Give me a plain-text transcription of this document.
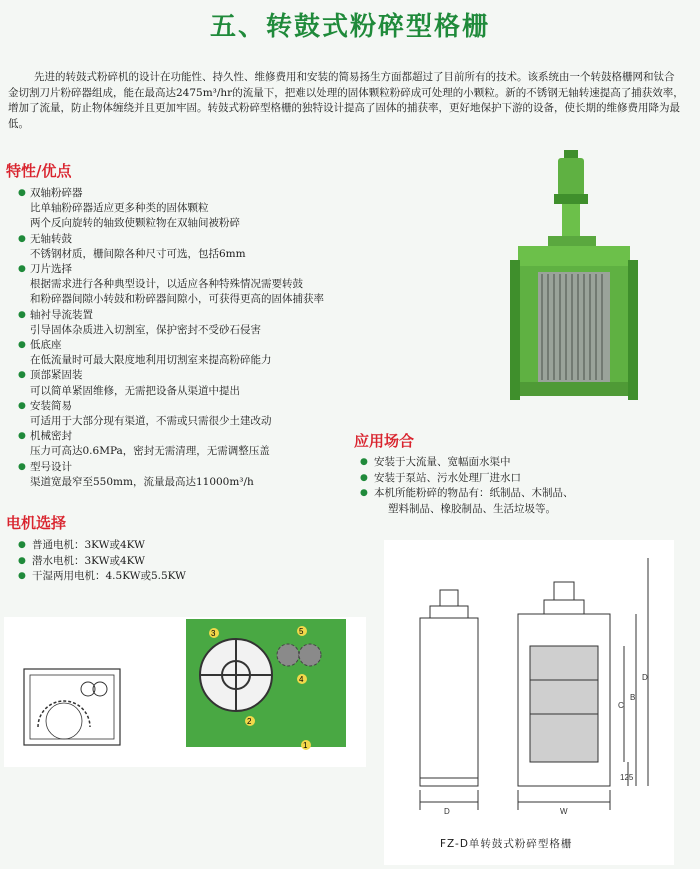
五、转鼓式粉碎型格栅
先进的转鼓式粉碎机的设计在功能性、持久性、维修费用和安装的简易扬生方面都超过了目前所有的技术。该系统由一个转鼓格栅网和钛合金切割刀片粉碎器组成，能在最高达2475m³/hr的流量下，把难以处理的固体颗粒粉碎成可处理的小颗粒。新的不锈钢无轴转速提高了捕获效率，增加了流量，防止物体缠绕并且更加牢固。转鼓式粉碎型格栅的独特设计提高了固体的捕获率，更好地保护下游的设备，使长期的维修费用降为最低。
特性/优点
● 双轴粉碎器
比单轴粉碎器适应更多种类的固体颗粒
两个反向旋转的轴致使颗粒物在双轴间被粉碎
● 无轴转鼓
不锈钢材质，栅间隙各种尺寸可选，包括6mm
● 刀片选择
根据需求进行各种典型设计，以适应各种特殊情况需要转鼓
和粉碎器间隙小转鼓和粉碎器间隙小，可获得更高的固体捕获率
● 轴衬导流装置
引导固体杂质进入切割室，保护密封不受砂石侵害
● 低底座
在低流量时可最大限度地利用切割室来提高粉碎能力
● 顶部紧固装
可以简单紧固维修，无需把设备从渠道中提出
● 安装简易
可适用于大部分现有渠道，不需或只需很少土建改动
● 机械密封
压力可高达0.6MPa，密封无需清理，无需调整压盖
● 型号设计
渠道宽最窄至550mm，流量最高达11000m³/h
电机选择
● 普通电机：3KW或4KW
● 潜水电机：3KW或4KW
● 干湿两用电机：4.5KW或5.5KW
应用场合
● 安装于大流量、宽幅面水渠中
● 安装于泵站、污水处理厂进水口
● 本机所能粉碎的物品有：纸制品、木制品、
塑料制品、橡胶制品、生活垃圾等。
3	5
4
2
1
D	W
C
B
D
125
FZ-D单转鼓式粉碎型格栅
